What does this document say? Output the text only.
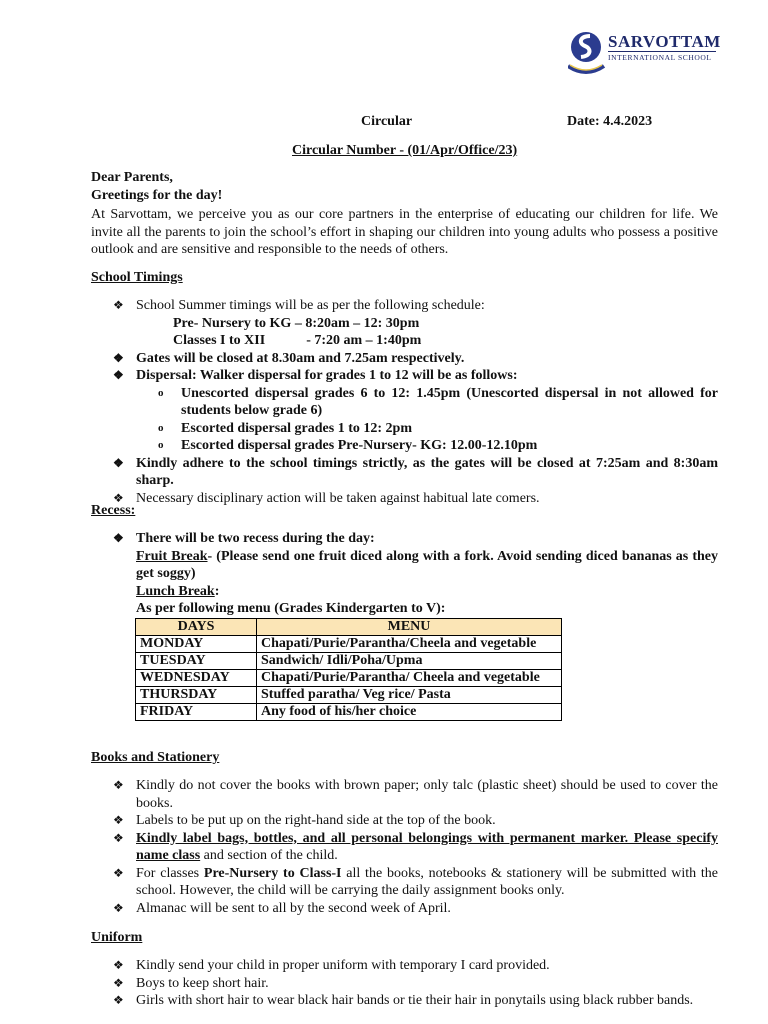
SARVOTTAM
INTERNATIONAL SCHOOL
Circular	Date: 4.4.2023
Circular Number - (01/Apr/Office/23)
Dear Parents,
Greetings for the day!
At Sarvottam, we perceive you as our core partners in the enterprise of educating our children for life. We invite all the parents to join the school’s effort in shaping our children into young adults who possess a positive outlook and are sensitive and responsible to the needs of others.
School Timings
❖ School Summer timings will be as per the following schedule:
Pre- Nursery to KG – 8:20am – 12: 30pm
Classes I to XII	- 7:20 am – 1:40pm
❖ Gates will be closed at 8.30am and 7.25am respectively.
❖ Dispersal: Walker dispersal for grades 1 to 12 will be as follows:
o Unescorted dispersal grades 6 to 12: 1.45pm (Unescorted dispersal in not allowed for students below grade 6)
o Escorted dispersal grades 1 to 12: 2pm
o Escorted dispersal grades Pre-Nursery- KG: 12.00-12.10pm
❖ Kindly adhere to the school timings strictly, as the gates will be closed at 7:25am and 8:30am sharp.
❖ Necessary disciplinary action will be taken against habitual late comers.
Recess:
❖ There will be two recess during the day:
Fruit Break- (Please send one fruit diced along with a fork. Avoid sending diced bananas as they get soggy)
Lunch Break:
As per following menu (Grades Kindergarten to V):
DAYS	MENU
MONDAY	Chapati/Purie/Parantha/Cheela and vegetable
TUESDAY	Sandwich/ Idli/Poha/Upma
WEDNESDAY	Chapati/Purie/Parantha/ Cheela and vegetable
THURSDAY	Stuffed paratha/ Veg rice/ Pasta
FRIDAY	Any food of his/her choice
Books and Stationery
❖ Kindly do not cover the books with brown paper; only talc (plastic sheet) should be used to cover the books.
❖ Labels to be put up on the right-hand side at the top of the book.
❖ Kindly label bags, bottles, and all personal belongings with permanent marker. Please specify name class and section of the child.
❖ For classes Pre-Nursery to Class-I all the books, notebooks & stationery will be submitted with the school. However, the child will be carrying the daily assignment books only.
❖ Almanac will be sent to all by the second week of April.
Uniform
❖ Kindly send your child in proper uniform with temporary I card provided.
❖ Boys to keep short hair.
❖ Girls with short hair to wear black hair bands or tie their hair in ponytails using black rubber bands.
